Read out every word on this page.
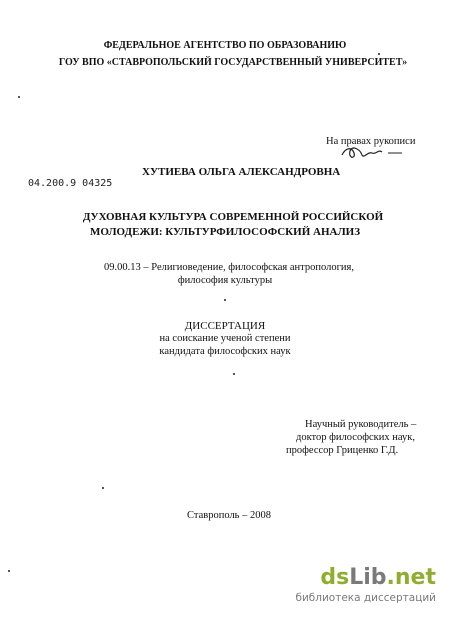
ФЕДЕРАЛЬНОЕ АГЕНТСТВО ПО ОБРАЗОВАНИЮ
ГОУ ВПО «СТАВРОПОЛЬСКИЙ ГОСУДАРСТВЕННЫЙ УНИВЕРСИТЕТ»
На правах рукописи
04.200.9 04325
ХУТИЕВА ОЛЬГА АЛЕКСАНДРОВНА
ДУХОВНАЯ КУЛЬТУРА СОВРЕМЕННОЙ РОССИЙСКОЙ
МОЛОДЕЖИ: КУЛЬТУРФИЛОСОФСКИЙ АНАЛИЗ
09.00.13 – Религиоведение, философская антропология,
философия культуры
ДИССЕРТАЦИЯ
на соискание ученой степени
кандидата философских наук
Научный руководитель –
доктор философских наук,
профессор Гриценко Г.Д.
Ставрополь – 2008
dsLib.net
библиотека диссертаций
